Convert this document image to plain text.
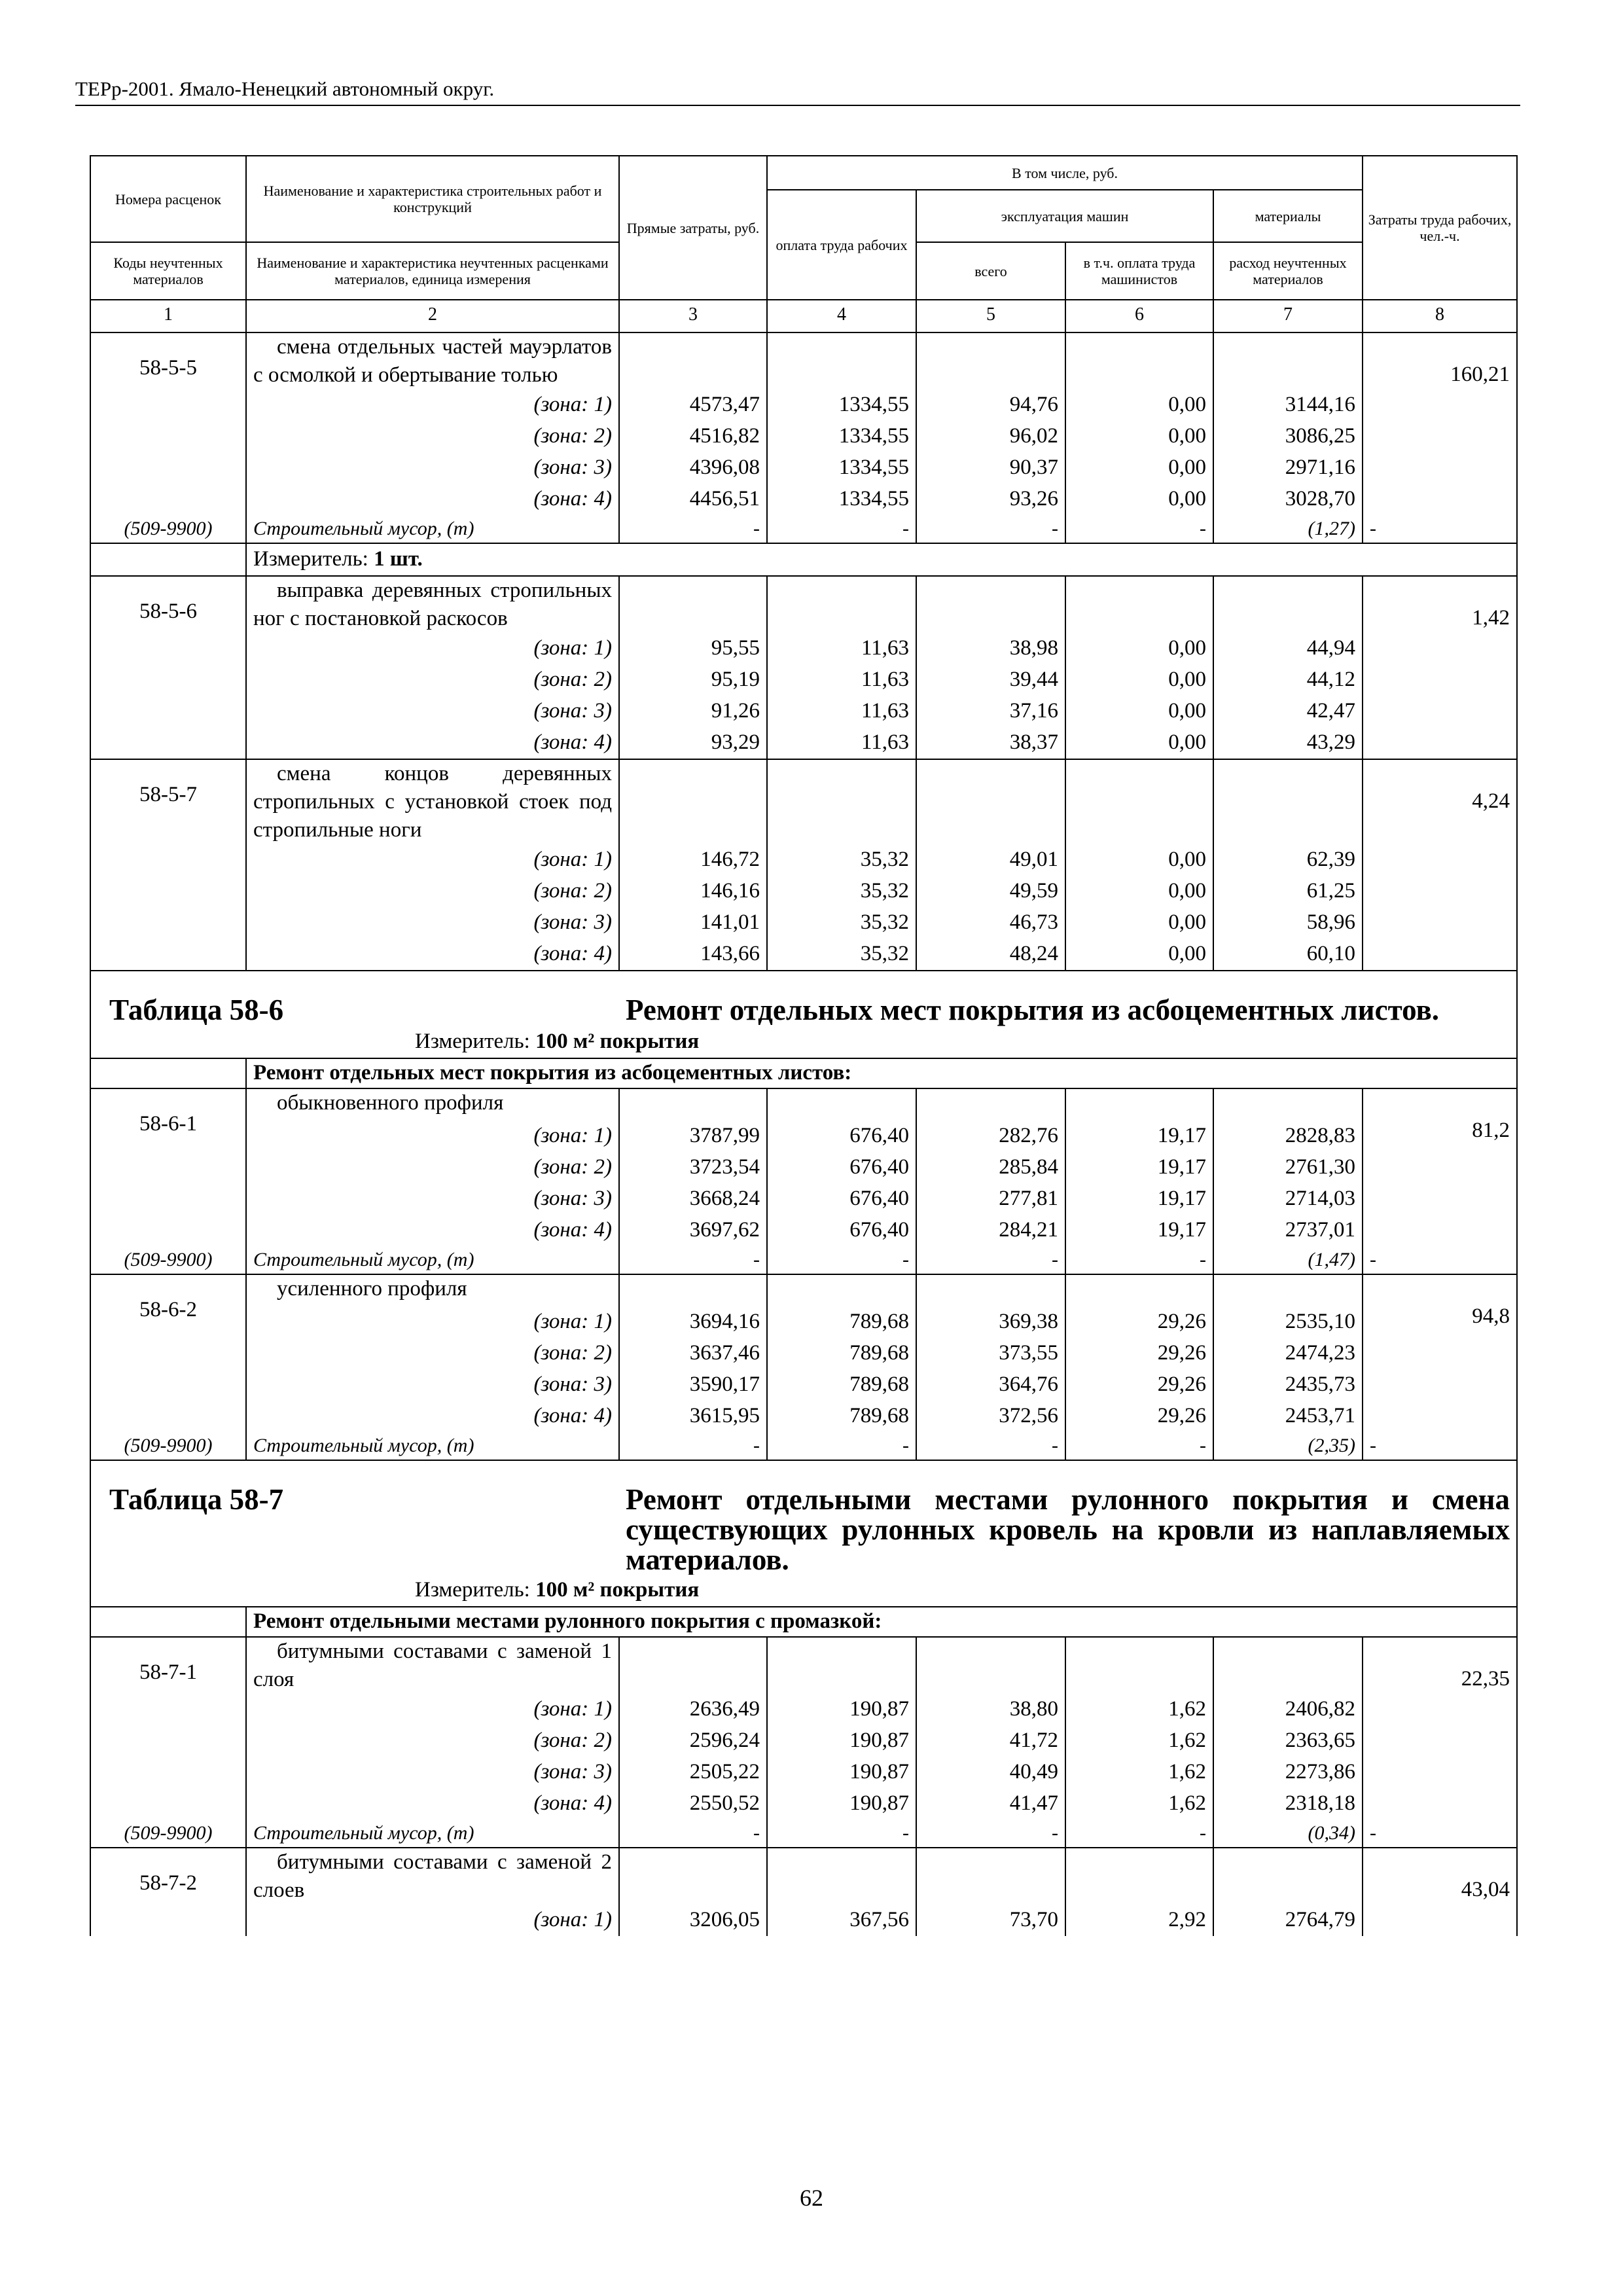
ТЕРр-2001. Ямало-Ненецкий автономный округ.
Номера расценок	Наименование и характеристика строительных работ и конструкций	Прямые затраты, руб.	В том числе, руб.				Затраты труда рабочих, чел.-ч.
			оплата труда рабочих	эксплуатация машин		материалы	
Коды неучтенных материалов	Наименование и характеристика неучтенных расценками материалов, единица измерения			всего	в т.ч. оплата труда машинистов	расход неучтенных материалов	
1	2	3	4	5	6	7	8
58-5-5	смена отдельных частей мауэрлатов с осмолкой и обертывание толью						160,21
	(зона: 1)	4573,47	1334,55	94,76	0,00	3144,16	
	(зона: 2)	4516,82	1334,55	96,02	0,00	3086,25	
	(зона: 3)	4396,08	1334,55	90,37	0,00	2971,16	
	(зона: 4)	4456,51	1334,55	93,26	0,00	3028,70	
(509-9900)	Строительный мусор, (т)	-	-	-	-	(1,27)	-
	Измеритель: 1 шт.						
58-5-6	выправка деревянных стропильных ног с постановкой раскосов						1,42
	(зона: 1)	95,55	11,63	38,98	0,00	44,94	
	(зона: 2)	95,19	11,63	39,44	0,00	44,12	
	(зона: 3)	91,26	11,63	37,16	0,00	42,47	
	(зона: 4)	93,29	11,63	38,37	0,00	43,29	
58-5-7	смена концов деревянных стропильных с установкой стоек под стропильные ноги						4,24
	(зона: 1)	146,72	35,32	49,01	0,00	62,39	
	(зона: 2)	146,16	35,32	49,59	0,00	61,25	
	(зона: 3)	141,01	35,32	46,73	0,00	58,96	
	(зона: 4)	143,66	35,32	48,24	0,00	60,10	
Таблица 58-6		Ремонт отдельных мест покрытия из асбоцементных листов.					
	Измеритель: 100 м² покрытия						
	Ремонт отдельных мест покрытия из асбоцементных листов:						
58-6-1	обыкновенного профиля						81,2
	(зона: 1)	3787,99	676,40	282,76	19,17	2828,83	
	(зона: 2)	3723,54	676,40	285,84	19,17	2761,30	
	(зона: 3)	3668,24	676,40	277,81	19,17	2714,03	
	(зона: 4)	3697,62	676,40	284,21	19,17	2737,01	
(509-9900)	Строительный мусор, (т)	-	-	-	-	(1,47)	-
58-6-2	усиленного профиля						94,8
	(зона: 1)	3694,16	789,68	369,38	29,26	2535,10	
	(зона: 2)	3637,46	789,68	373,55	29,26	2474,23	
	(зона: 3)	3590,17	789,68	364,76	29,26	2435,73	
	(зона: 4)	3615,95	789,68	372,56	29,26	2453,71	
(509-9900)	Строительный мусор, (т)	-	-	-	-	(2,35)	-
Таблица 58-7		Ремонт отдельными местами рулонного покрытия и смена существующих рулонных кровель на кровли из наплавляемых материалов.					
	Измеритель: 100 м² покрытия						
	Ремонт отдельными местами рулонного покрытия с промазкой:						
58-7-1	битумными составами с заменой 1 слоя						22,35
	(зона: 1)	2636,49	190,87	38,80	1,62	2406,82	
	(зона: 2)	2596,24	190,87	41,72	1,62	2363,65	
	(зона: 3)	2505,22	190,87	40,49	1,62	2273,86	
	(зона: 4)	2550,52	190,87	41,47	1,62	2318,18	
(509-9900)	Строительный мусор, (т)	-	-	-	-	(0,34)	-
58-7-2	битумными составами с заменой 2 слоев						43,04
	(зона: 1)	3206,05	367,56	73,70	2,92	2764,79	
62
